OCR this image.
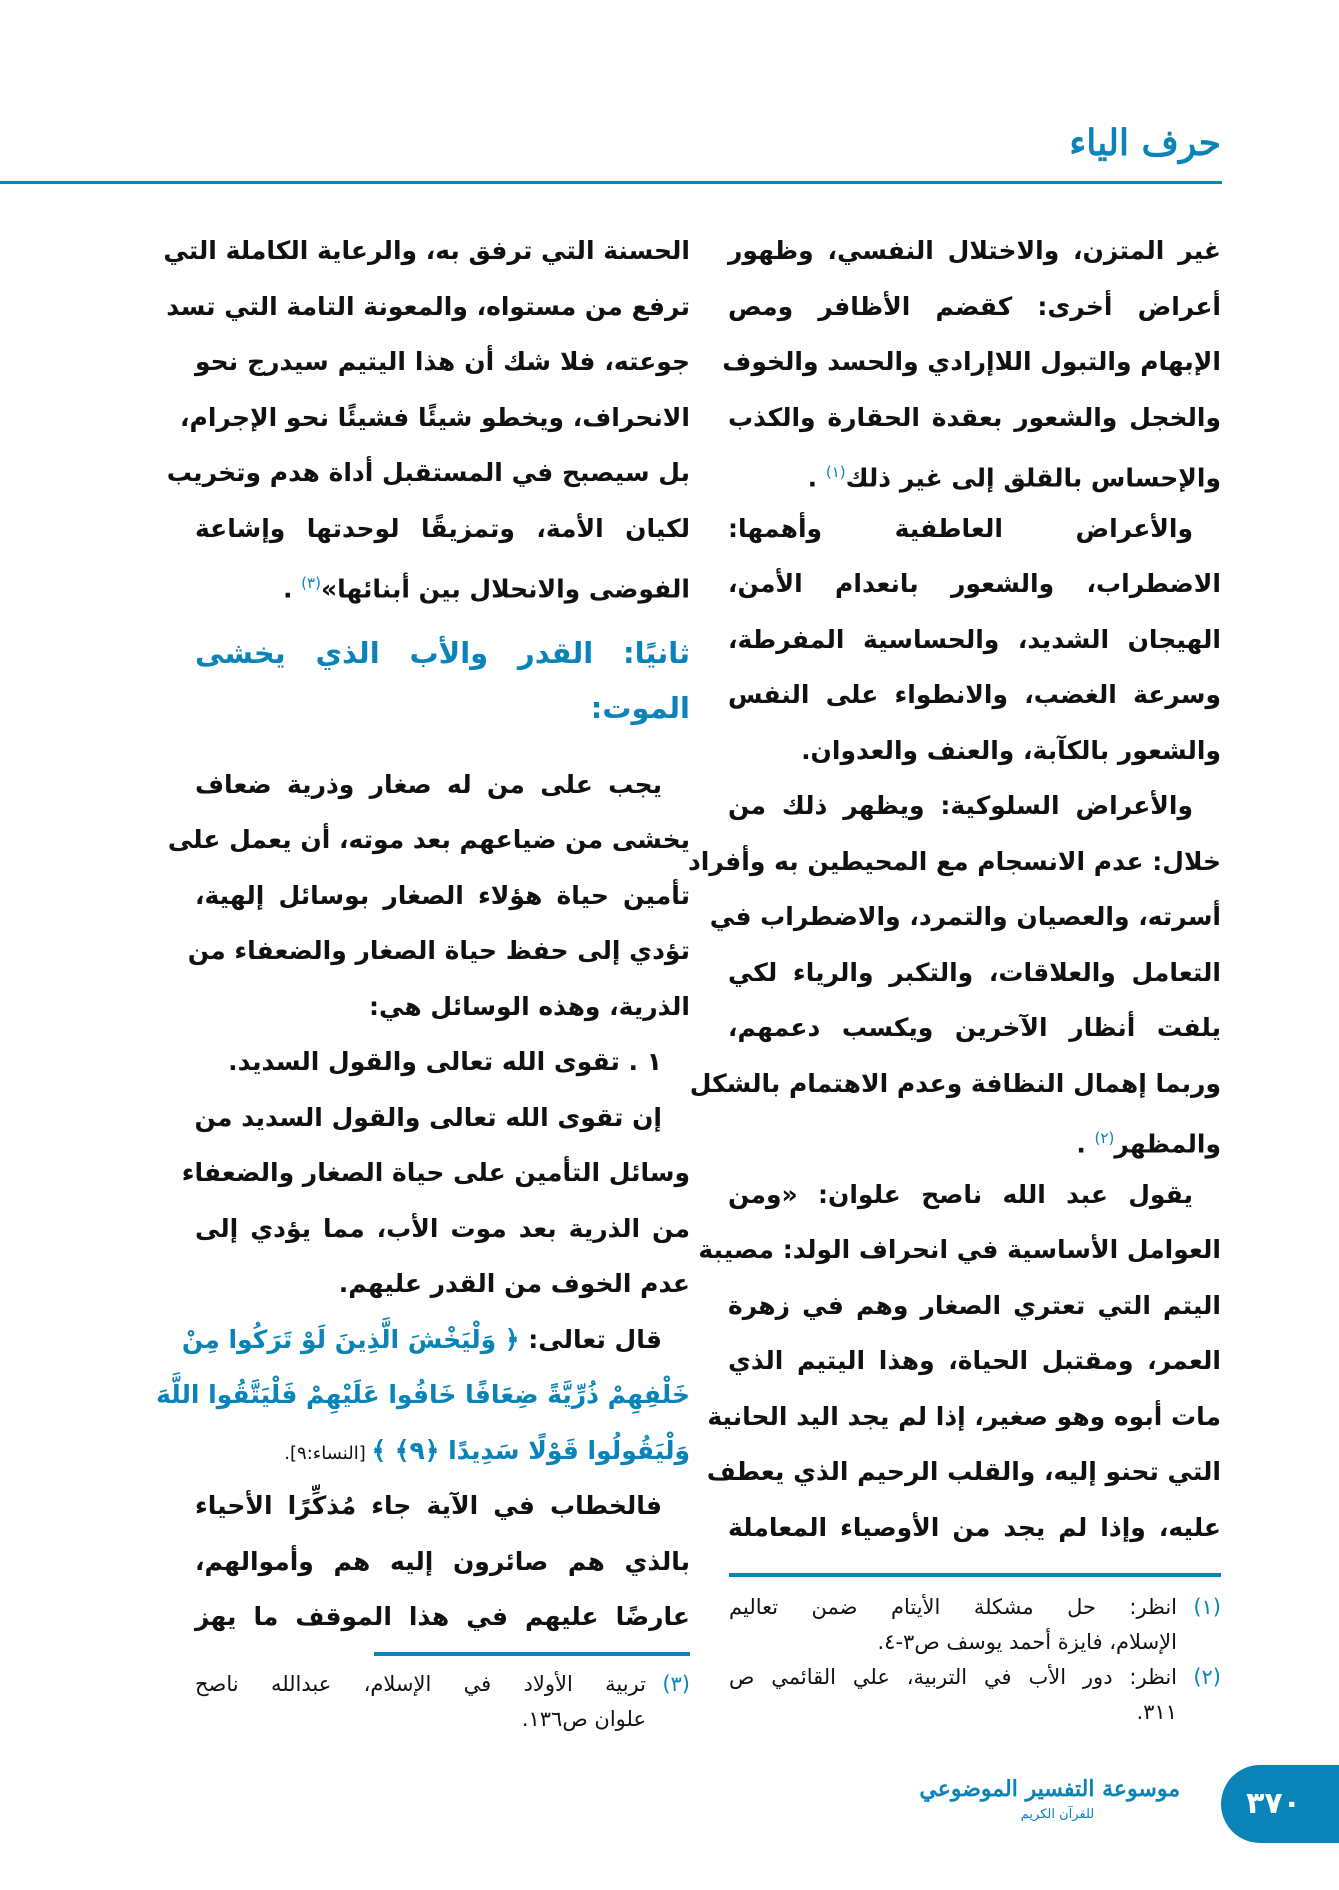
حرف الياء
غير المتزن، والاختلال النفسي، وظهور
أعراض أخرى: كقضم الأظافر ومص
الإبهام والتبول اللاإرادي والحسد والخوف
والخجل والشعور بعقدة الحقارة والكذب
والإحساس بالقلق إلى غير ذلك$^{(١)}$ .
والأعراض العاطفية وأهمها:
الاضطراب، والشعور بانعدام الأمن،
الهيجان الشديد، والحساسية المفرطة،
وسرعة الغضب، والانطواء على النفس
والشعور بالكآبة، والعنف والعدوان.
والأعراض السلوكية: ويظهر ذلك من
خلال: عدم الانسجام مع المحيطين به وأفراد
أسرته، والعصيان والتمرد، والاضطراب في
التعامل والعلاقات، والتكبر والرياء لكي
يلفت أنظار الآخرين ويكسب دعمهم،
وربما إهمال النظافة وعدم الاهتمام بالشكل
والمظهر$^{(٢)}$ .
يقول عبد الله ناصح علوان: «ومن
العوامل الأساسية في انحراف الولد: مصيبة
اليتم التي تعتري الصغار وهم في زهرة
العمر، ومقتبل الحياة، وهذا اليتيم الذي
مات أبوه وهو صغير، إذا لم يجد اليد الحانية
التي تحنو إليه، والقلب الرحيم الذي يعطف
عليه، وإذا لم يجد من الأوصياء المعاملة
الحسنة التي ترفق به، والرعاية الكاملة التي
ترفع من مستواه، والمعونة التامة التي تسد
جوعته، فلا شك أن هذا اليتيم سيدرج نحو
الانحراف، ويخطو شيئًا فشيئًا نحو الإجرام،
بل سيصبح في المستقبل أداة هدم وتخريب
لكيان الأمة، وتمزيقًا لوحدتها وإشاعة
الفوضى والانحلال بين أبنائها»$^{(٣)}$ .
ثانيًا: القدر والأب الذي يخشى
الموت:
يجب على من له صغار وذرية ضعاف
يخشى من ضياعهم بعد موته، أن يعمل على
تأمين حياة هؤلاء الصغار بوسائل إلهية،
تؤدي إلى حفظ حياة الصغار والضعفاء من
الذرية، وهذه الوسائل هي:
١ . تقوى الله تعالى والقول السديد.
إن تقوى الله تعالى والقول السديد من
وسائل التأمين على حياة الصغار والضعفاء
من الذرية بعد موت الأب، مما يؤدي إلى
عدم الخوف من القدر عليهم.
قال تعالى: ﴿ وَلْيَخْشَ الَّذِينَ لَوْ تَرَكُوا مِنْ
خَلْفِهِمْ ذُرِّيَّةً ضِعَافًا خَافُوا عَلَيْهِمْ فَلْيَتَّقُوا اللَّهَ
وَلْيَقُولُوا قَوْلًا سَدِيدًا ﴿٩﴾ ﴾ [النساء:٩].
فالخطاب في الآية جاء مُذكِّرًا الأحياء
بالذي هم صائرون إليه هم وأموالهم،
عارضًا عليهم في هذا الموقف ما يهز	(١)
انظر: حل مشكلة الأيتام ضمن تعاليم
الإسلام، فايزة أحمد يوسف ص٣-٤.
(٢)
انظر: دور الأب في التربية، علي القائمي ص
٣١١.
(٣)
تربية الأولاد في الإسلام، عبدالله ناصح
علوان ص١٣٦.
موسوعة التفسير الموضوعي
للقرآن الكريم	٣٧٠
